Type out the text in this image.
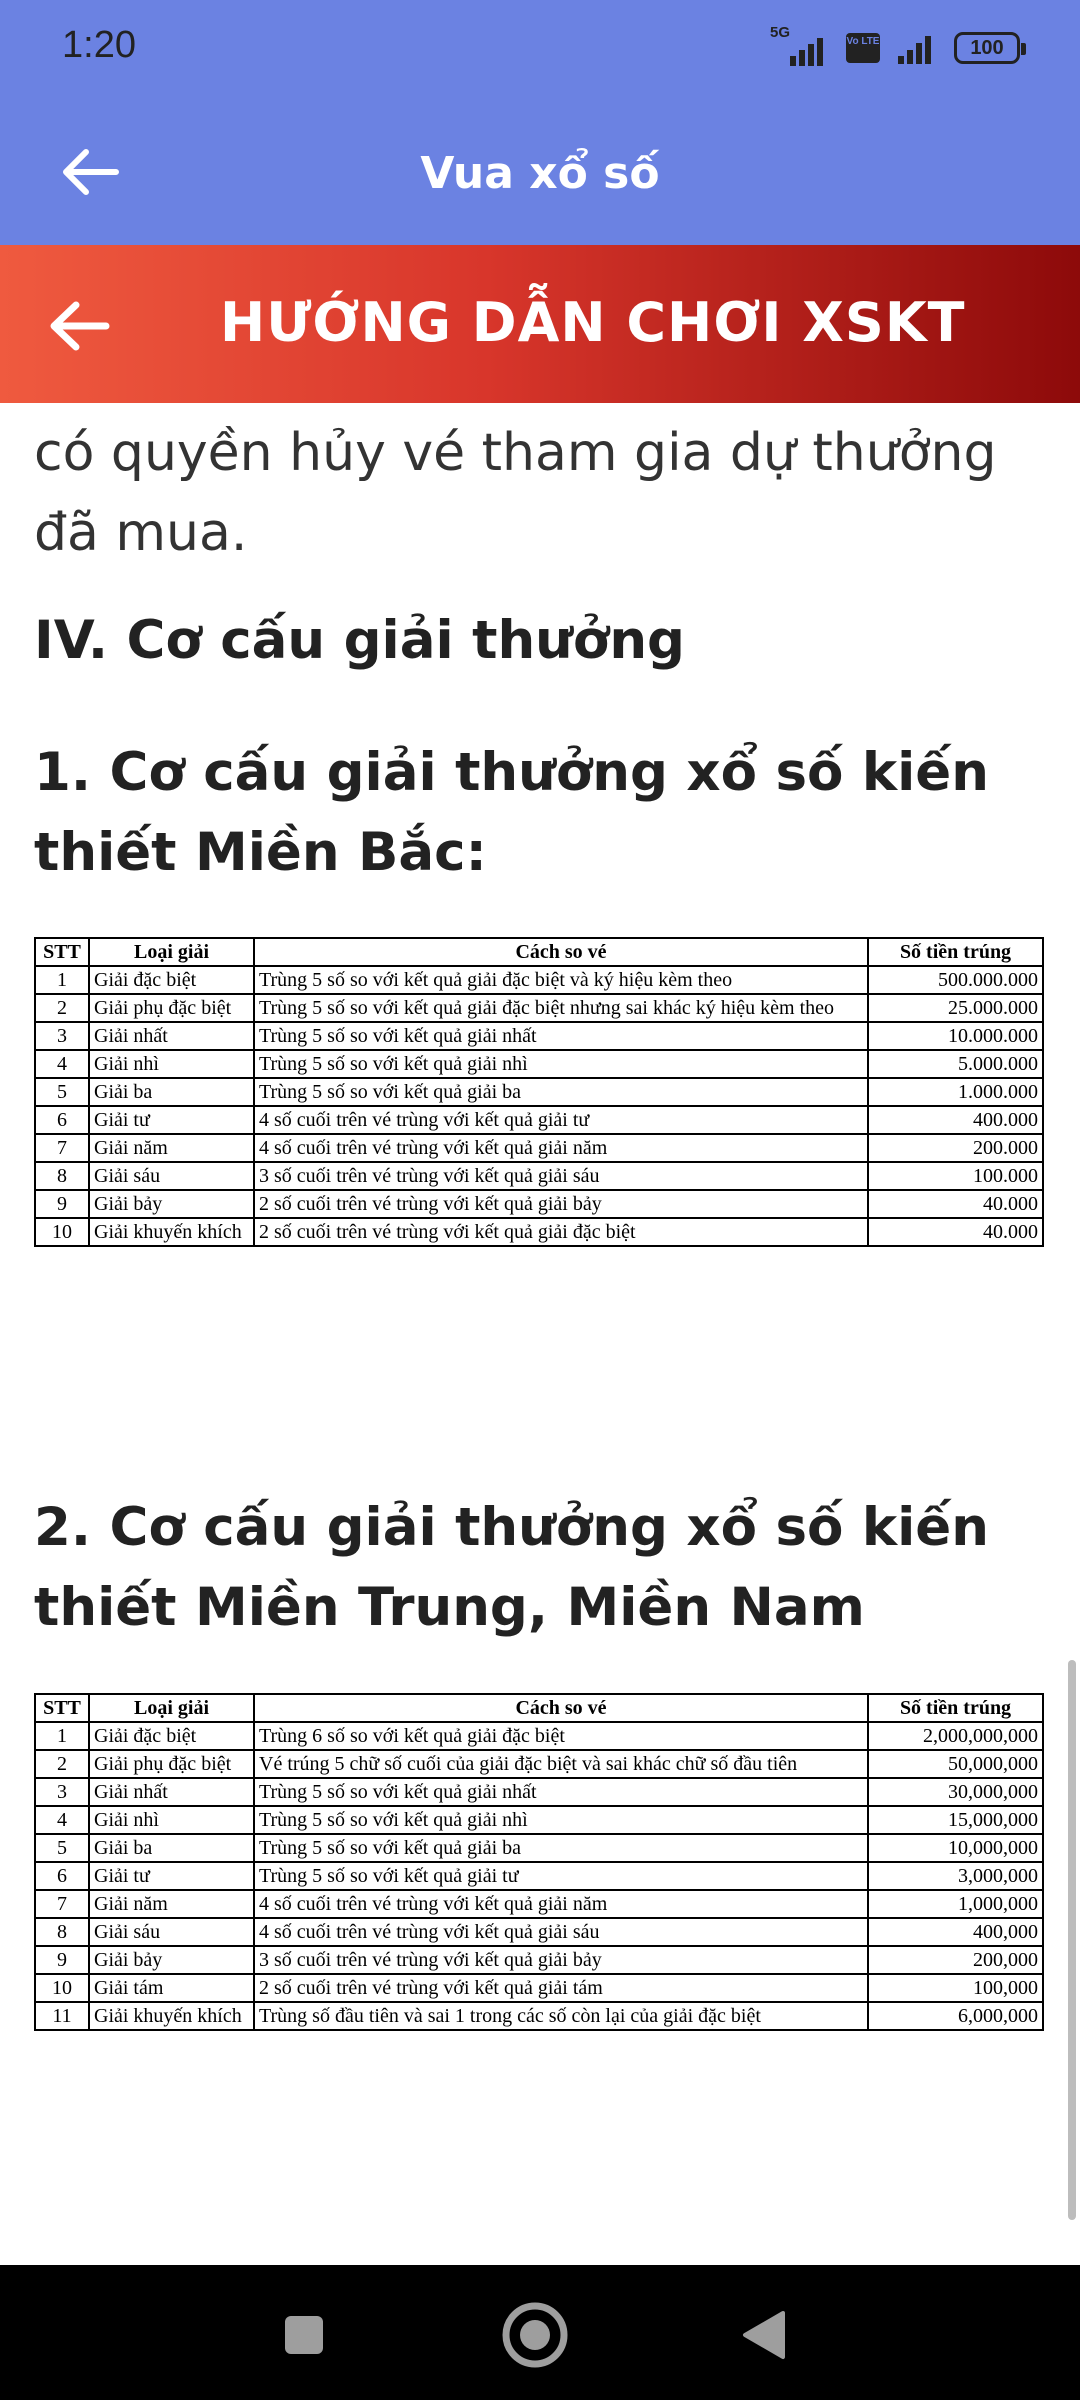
1:20	5G
Vo LTE	100
Vua xổ số
HƯỚNG DẪN CHƠI XSKT
có quyền hủy vé tham gia dự thưởng đã mua.
IV. Cơ cấu giải thưởng
1. Cơ cấu giải thưởng xổ số kiến thiết Miền Bắc:
STT	Loại giải	Cách so vé	Số tiền trúng
1	Giải đặc biệt	Trùng 5 số so với kết quả giải đặc biệt và ký hiệu kèm theo	500.000.000
2	Giải phụ đặc biệt	Trùng 5 số so với kết quả giải đặc biệt nhưng sai khác ký hiệu kèm theo	25.000.000
3	Giải nhất	Trùng 5 số so với kết quả giải nhất	10.000.000
4	Giải nhì	Trùng 5 số so với kết quả giải nhì	5.000.000
5	Giải ba	Trùng 5 số so với kết quả giải ba	1.000.000
6	Giải tư	4 số cuối trên vé trùng với kết quả giải tư	400.000
7	Giải năm	4 số cuối trên vé trùng với kết quả giải năm	200.000
8	Giải sáu	3 số cuối trên vé trùng với kết quả giải sáu	100.000
9	Giải bảy	2 số cuối trên vé trùng với kết quả giải bảy	40.000
10	Giải khuyến khích	2 số cuối trên vé trùng với kết quả giải đặc biệt	40.000
2. Cơ cấu giải thưởng xổ số kiến thiết Miền Trung, Miền Nam
STT	Loại giải	Cách so vé	Số tiền trúng
1	Giải đặc biệt	Trùng 6 số so với kết quả giải đặc biệt	2,000,000,000
2	Giải phụ đặc biệt	Vé trúng 5 chữ số cuối của giải đặc biệt và sai khác chữ số đầu tiên	50,000,000
3	Giải nhất	Trùng 5 số so với kết quả giải nhất	30,000,000
4	Giải nhì	Trùng 5 số so với kết quả giải nhì	15,000,000
5	Giải ba	Trùng 5 số so với kết quả giải ba	10,000,000
6	Giải tư	Trùng 5 số so với kết quả giải tư	3,000,000
7	Giải năm	4 số cuối trên vé trùng với kết quả giải năm	1,000,000
8	Giải sáu	4 số cuối trên vé trùng với kết quả giải sáu	400,000
9	Giải bảy	3 số cuối trên vé trùng với kết quả giải bảy	200,000
10	Giải tám	2 số cuối trên vé trùng với kết quả giải tám	100,000
11	Giải khuyến khích	Trùng số đầu tiên và sai 1 trong các số còn lại của giải đặc biệt	6,000,000
